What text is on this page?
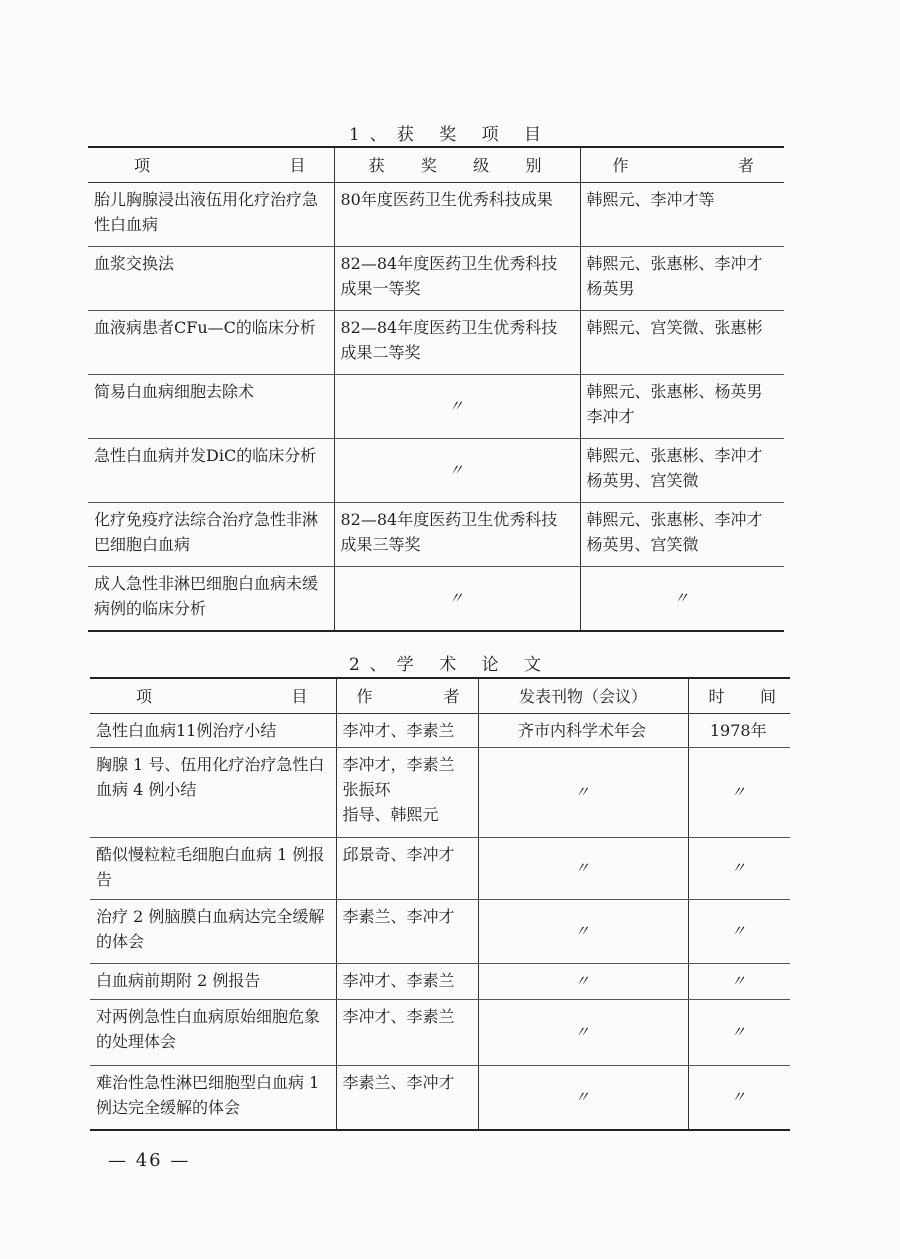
1、获 奖 项 目
项 目	获 奖 级 别	作 者

胎儿胸腺浸出液伍用化疗治疗急性白血病	80年度医药卫生优秀科技成果	韩熙元、李冲才等
血浆交换法	82—84年度医药卫生优秀科技成果一等奖	韩熙元、张惠彬、李冲才
杨英男
血液病患者CFu—C的临床分析	82—84年度医药卫生优秀科技成果二等奖	韩熙元、宫笑微、张惠彬
简易白血病细胞去除术	〃	韩熙元、张惠彬、杨英男
李冲才
急性白血病并发DiC的临床分析	〃	韩熙元、张惠彬、李冲才
杨英男、宫笑微
化疗免疫疗法综合治疗急性非淋巴细胞白血病	82—84年度医药卫生优秀科技成果三等奖	韩熙元、张惠彬、李冲才
杨英男、宫笑微
成人急性非淋巴细胞白血病未缓病例的临床分析	〃	〃
2、学 术 论 文
项 目	作 者	发表刊物（会议）	时 间

急性白血病11例治疗小结	李冲才、李素兰	齐市内科学术年会	1978年
胸腺 1 号、伍用化疗治疗急性白血病 4 例小结	李冲才，李素兰
张振环
指导、韩熙元	〃	〃
酷似慢粒粒毛细胞白血病 1 例报告	邱景奇、李冲才	〃	〃
治疗 2 例脑膜白血病达完全缓解的体会	李素兰、李冲才	〃	〃
白血病前期附 2 例报告	李冲才、李素兰	〃	〃
对两例急性白血病原始细胞危象的处理体会	李冲才、李素兰	〃	〃
难治性急性淋巴细胞型白血病 1 例达完全缓解的体会	李素兰、李冲才	〃	〃

— 46 —
